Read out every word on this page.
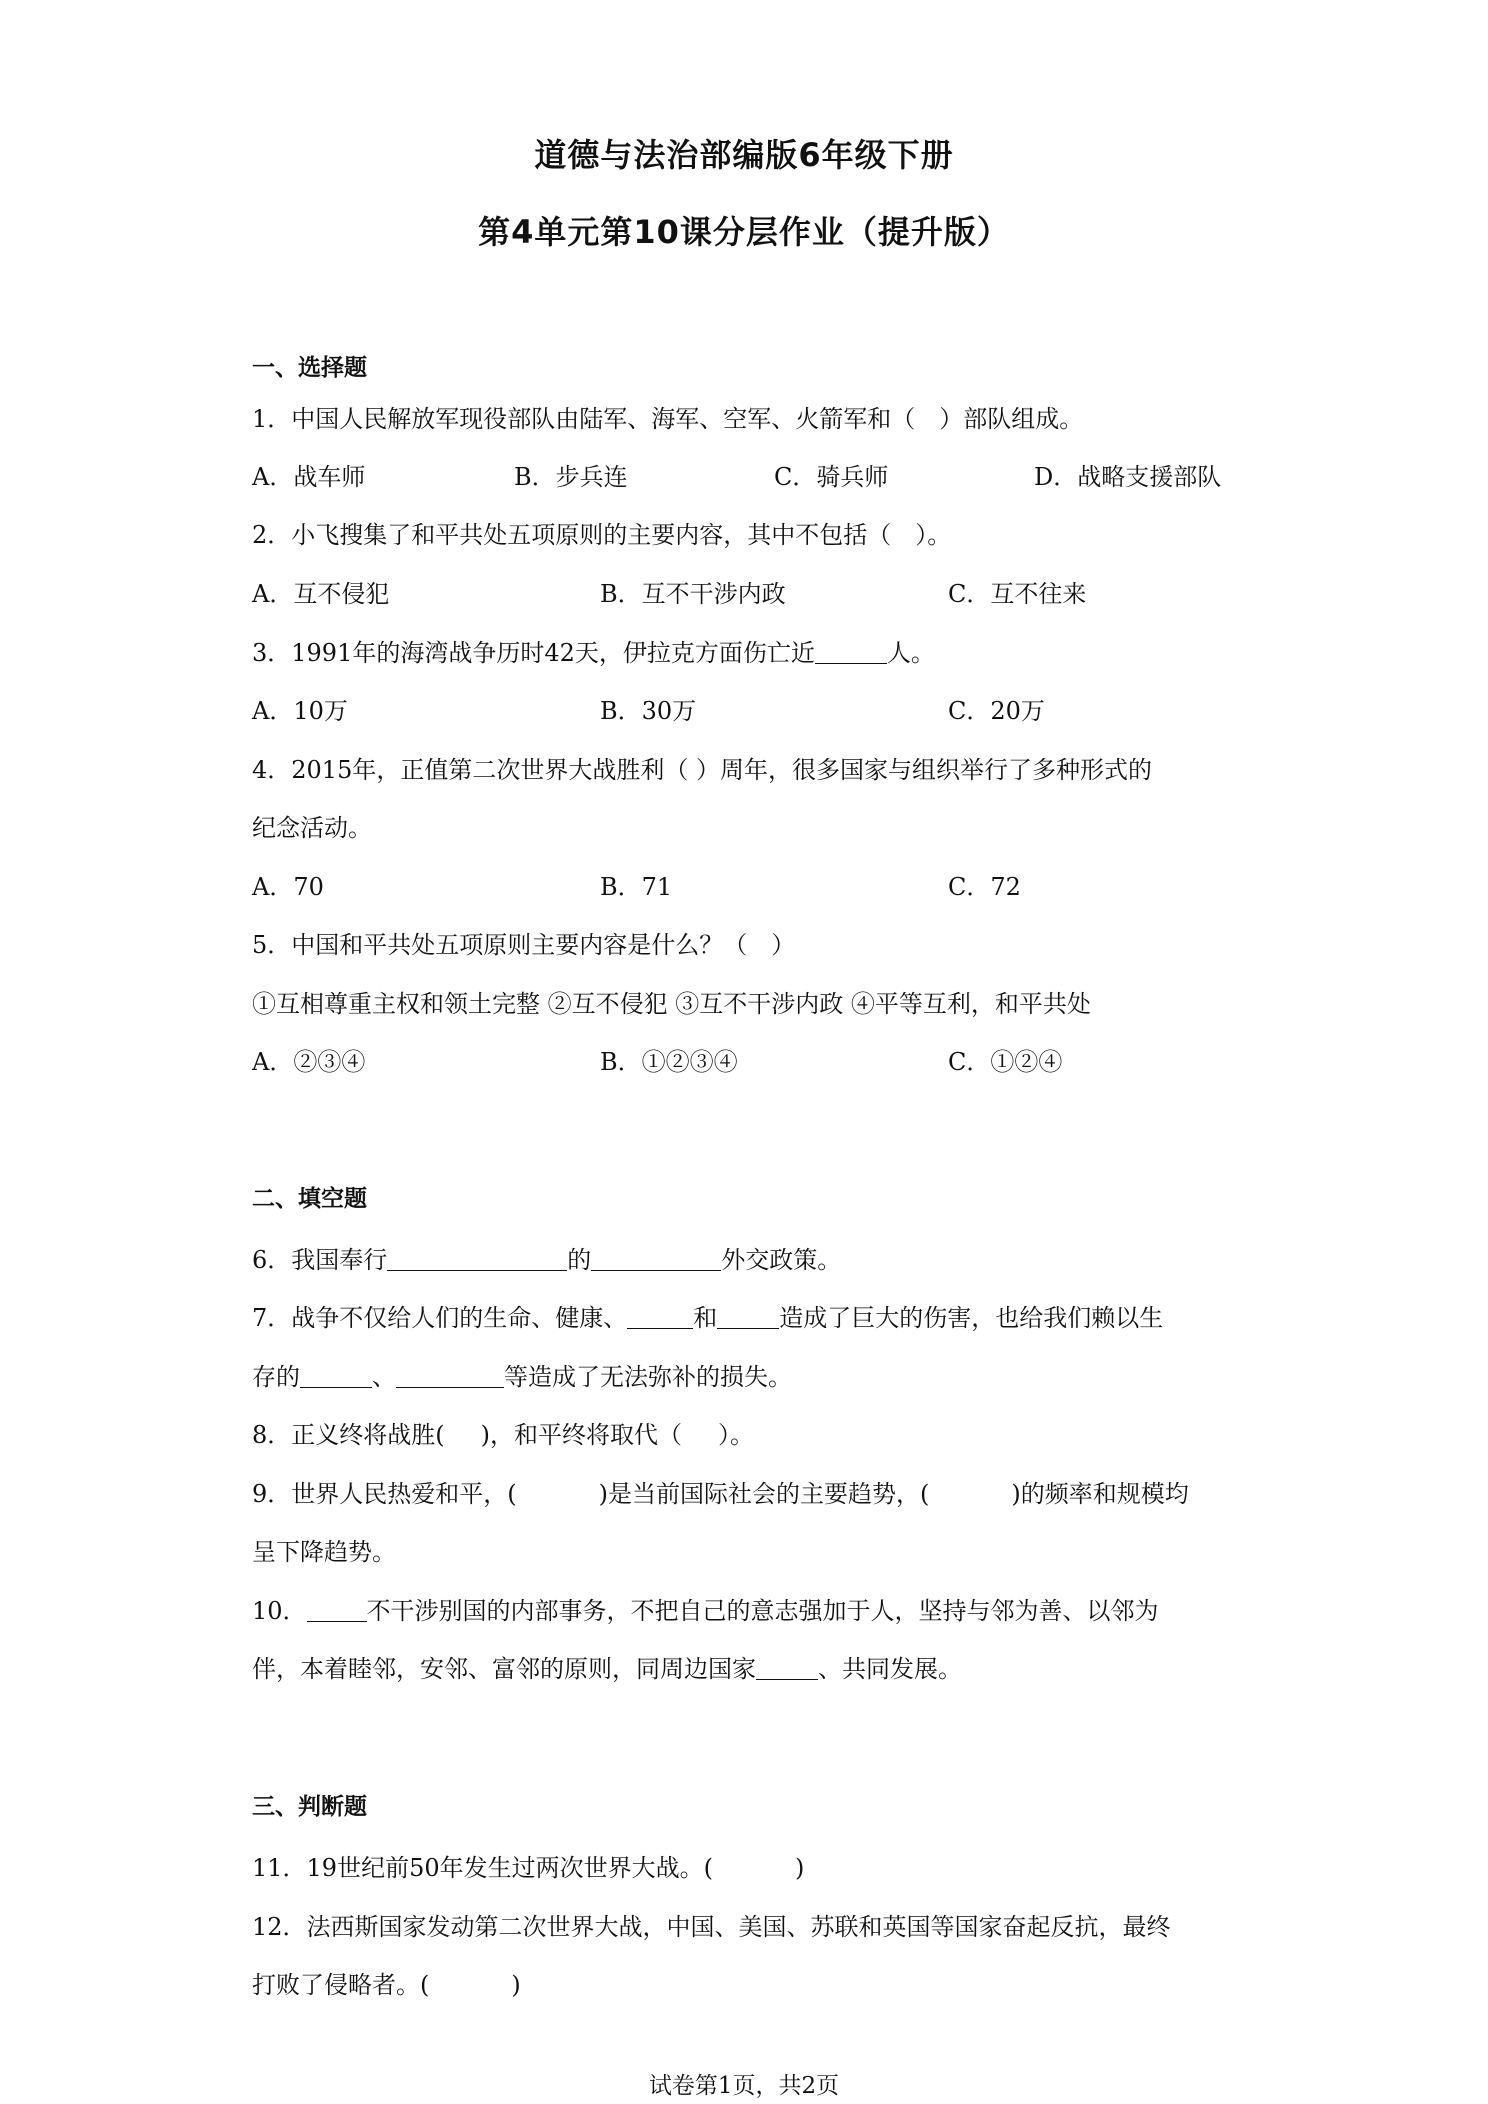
道德与法治部编版6年级下册
第4单元第10课分层作业（提升版）
一、选择题
1．中国人民解放军现役部队由陆军、海军、空军、火箭军和（　）部队组成。
A．战车师	B．步兵连	C．骑兵师	D．战略支援部队
2．小飞搜集了和平共处五项原则的主要内容，其中不包括（　）。
A．互不侵犯	B．互不干涉内政	C．互不往来
3．1991年的海湾战争历时42天，伊拉克方面伤亡近	人。
A．10万	B．30万	C．20万
4．2015年，正值第二次世界大战胜利（ ）周年，很多国家与组织举行了多种形式的
纪念活动。
A．70	B．71	C．72
5．中国和平共处五项原则主要内容是什么？（　）
①互相尊重主权和领土完整 ②互不侵犯 ③互不干涉内政 ④平等互利，和平共处
A．②③④	B．①②③④	C．①②④
二、填空题
6．我国奉行	的	外交政策。
7．战争不仅给人们的生命、健康、	和	造成了巨大的伤害，也给我们赖以生
存的	、	等造成了无法弥补的损失。
8．正义终将战胜( )，和平终将取代（ ）。
9．世界人民热爱和平，(	)是当前国际社会的主要趋势，(	)的频率和规模均
呈下降趋势。
10．	不干涉别国的内部事务，不把自己的意志强加于人，坚持与邻为善、以邻为
伴，本着睦邻，安邻、富邻的原则，同周边国家	、共同发展。
三、判断题
11．19世纪前50年发生过两次世界大战。(	)
12．法西斯国家发动第二次世界大战，中国、美国、苏联和英国等国家奋起反抗，最终
打败了侵略者。(	)
试卷第1页，共2页
